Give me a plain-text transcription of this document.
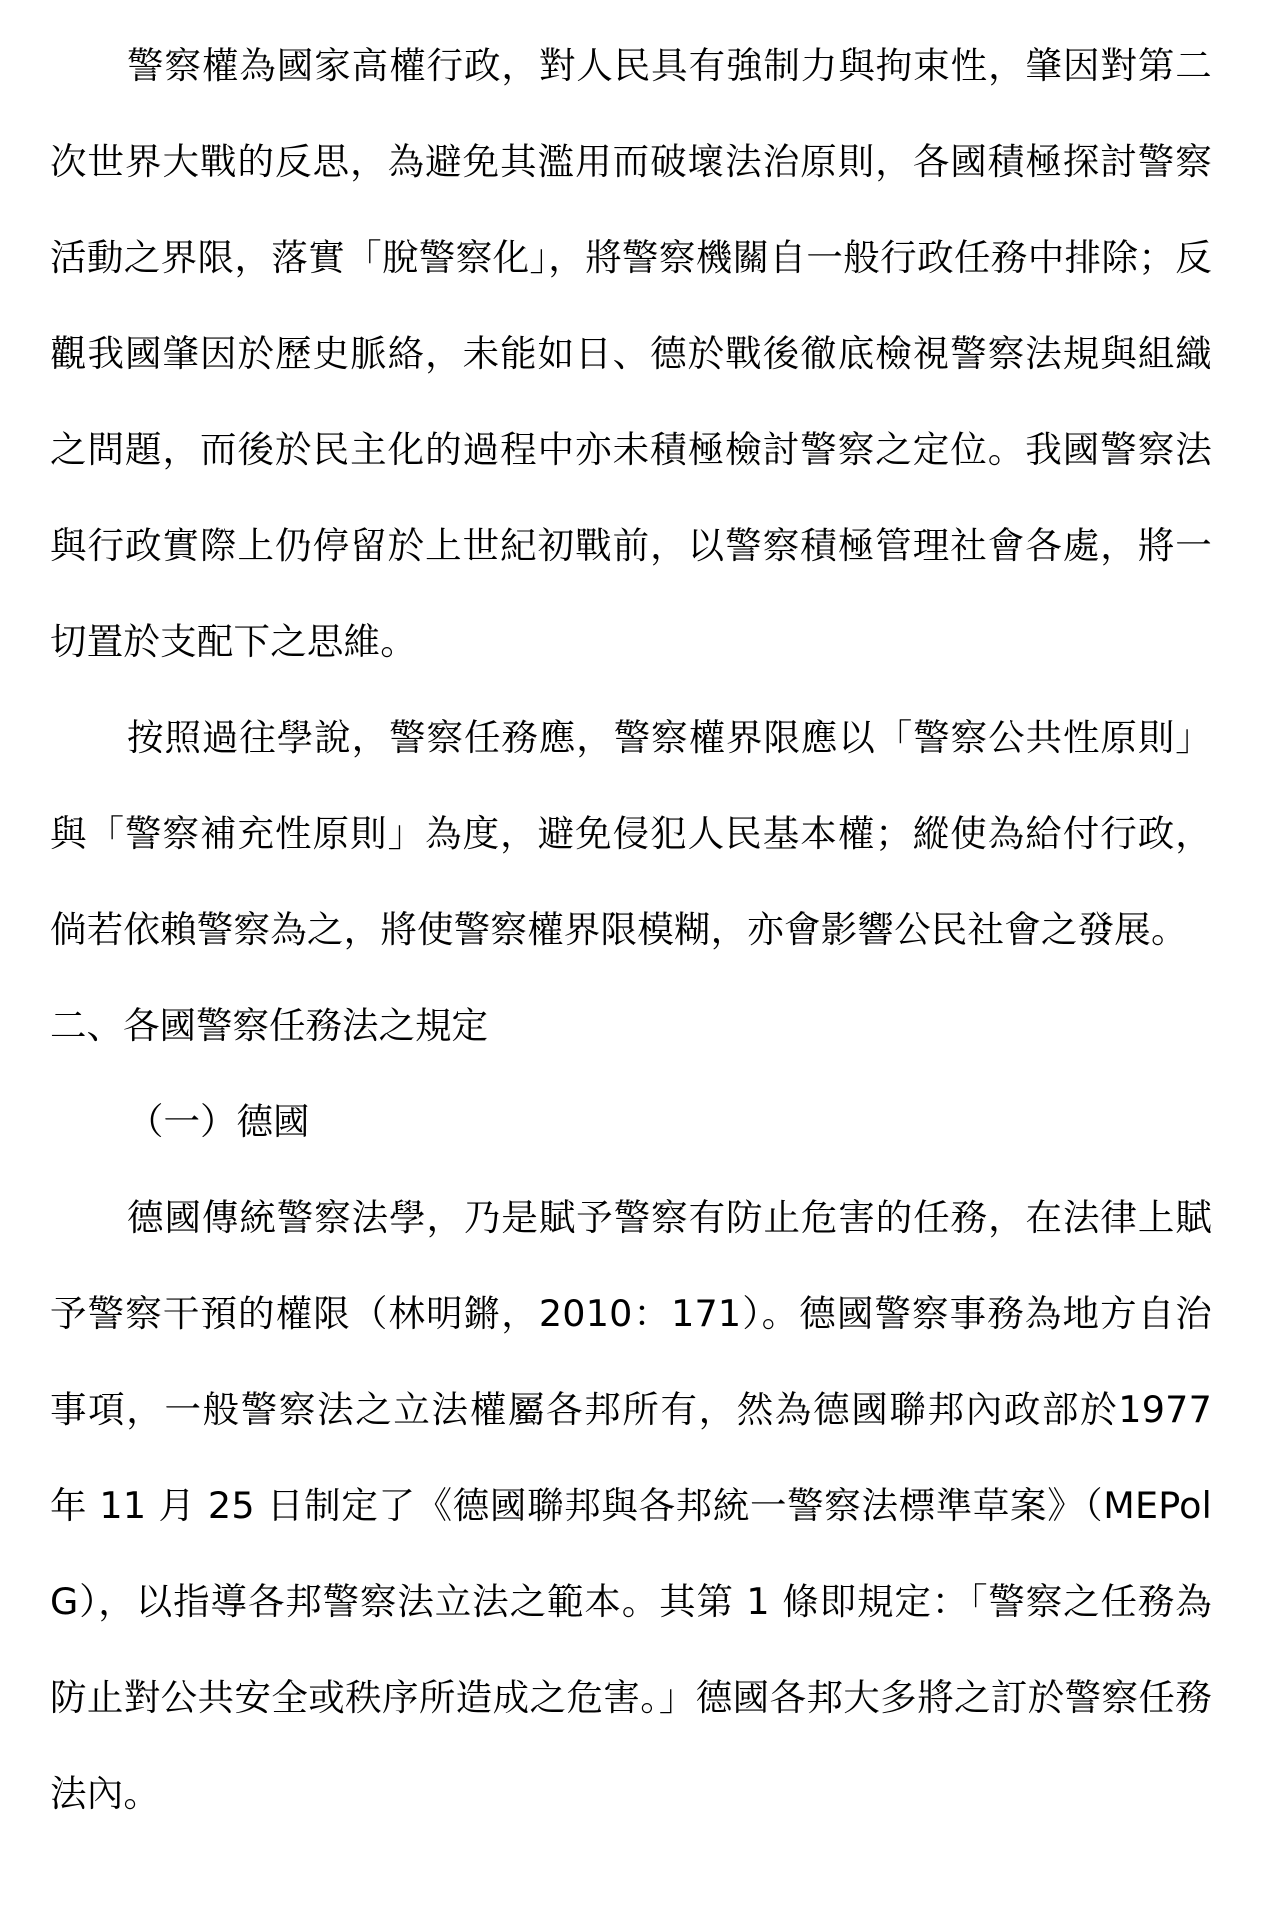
警察權為國家高權行政，對人民具有強制力與拘束性，肇因對第二次世界大戰的反思，為避免其濫用而破壞法治原則，各國積極探討警察活動之界限，落實「脫警察化」，將警察機關自一般行政任務中排除；反觀我國肇因於歷史脈絡，未能如日、德於戰後徹底檢視警察法規與組織之問題，而後於民主化的過程中亦未積極檢討警察之定位。我國警察法與行政實際上仍停留於上世紀初戰前，以警察積極管理社會各處，將一切置於支配下之思維。

按照過往學說，警察任務應，警察權界限應以「警察公共性原則」與「警察補充性原則」為度，避免侵犯人民基本權；縱使為給付行政，倘若依賴警察為之，將使警察權界限模糊，亦會影響公民社會之發展。

二、各國警察任務法之規定

（一）德國

德國傳統警察法學，乃是賦予警察有防止危害的任務，在法律上賦予警察干預的權限（林明鏘，2010：171）。德國警察事務為地方自治事項，一般警察法之立法權屬各邦所有，然為德國聯邦內政部於1977 年 11 月 25 日制定了《德國聯邦與各邦統一警察法標準草案》（MEPolG），以指導各邦警察法立法之範本。其第 1 條即規定：「警察之任務為防止對公共安全或秩序所造成之危害。」德國各邦大多將之訂於警察任務法內。
